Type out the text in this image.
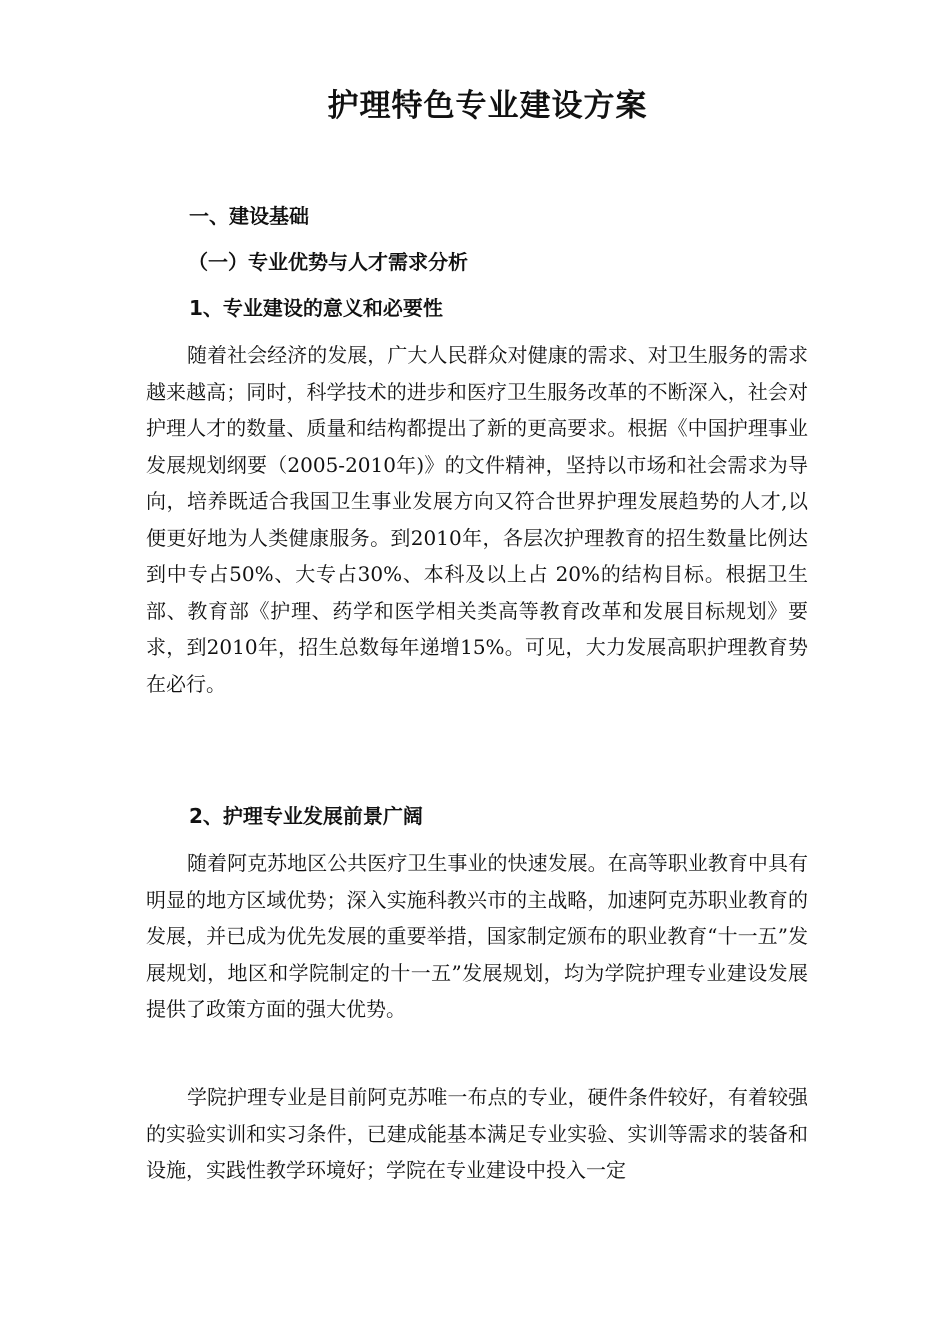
护理特色专业建设方案
一、建设基础
（一）专业优势与人才需求分析
1、专业建设的意义和必要性

随着社会经济的发展，广大人民群众对健康的需求、对卫生服务的需求越来越高；同时，科学技术的进步和医疗卫生服务改革的不断深入，社会对护理人才的数量、质量和结构都提出了新的更高要求。根据《中国护理事业发展规划纲要（2005-2010年)》的文件精神，坚持以市场和社会需求为导向，培养既适合我国卫生事业发展方向又符合世界护理发展趋势的人才,以便更好地为人类健康服务。到2010年，各层次护理教育的招生数量比例达到中专占50%、大专占30%、本科及以上占 20%的结构目标。根据卫生部、教育部《护理、药学和医学相关类高等教育改革和发展目标规划》要求，到2010年，招生总数每年递增15%。可见，大力发展高职护理教育势在必行。

2、护理专业发展前景广阔

随着阿克苏地区公共医疗卫生事业的快速发展。在高等职业教育中具有明显的地方区域优势；深入实施科教兴市的主战略，加速阿克苏职业教育的发展，并已成为优先发展的重要举措，国家制定颁布的职业教育“十一五”发展规划，地区和学院制定的十一五”发展规划，均为学院护理专业建设发展提供了政策方面的强大优势。

学院护理专业是目前阿克苏唯一布点的专业，硬件条件较好，有着较强的实验实训和实习条件，已建成能基本满足专业实验、实训等需求的装备和设施，实践性教学环境好；学院在专业建设中投入一定
